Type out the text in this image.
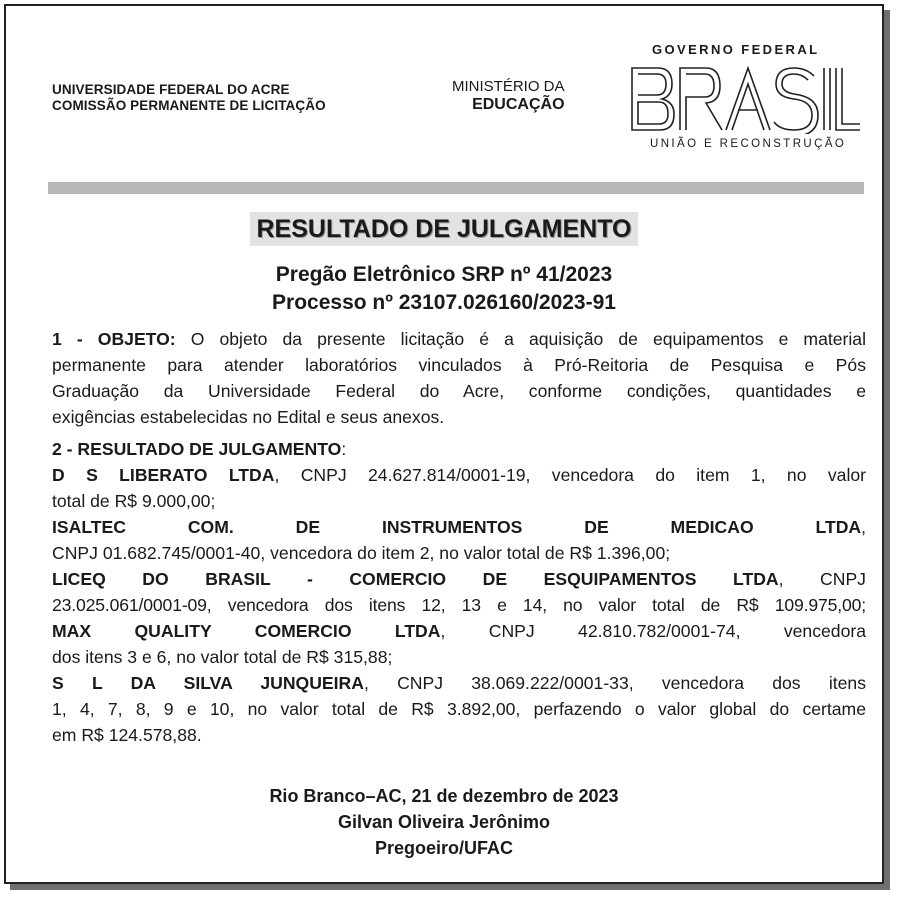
UNIVERSIDADE FEDERAL DO ACRE
COMISSÃO PERMANENTE DE LICITAÇÃO
MINISTÉRIO DA
EDUCAÇÃO
GOVERNO FEDERAL
UNIÃO E RECONSTRUÇÃO
RESULTADO DE JULGAMENTO
Pregão Eletrônico SRP nº 41/2023
Processo nº 23107.026160/2023-91

1 - OBJETO: O objeto da presente licitação é a aquisição de equipamentos e material

permanente para atender laboratórios vinculados à Pró-Reitoria de Pesquisa e Pós

Graduação da Universidade Federal do Acre, conforme condições, quantidades e

exigências estabelecidas no Edital e seus anexos.

2 - RESULTADO DE JULGAMENTO:

D S LIBERATO LTDA, CNPJ 24.627.814/0001-19, vencedora do item 1, no valor

total de R$ 9.000,00;

ISALTEC COM. DE INSTRUMENTOS DE MEDICAO LTDA,

CNPJ 01.682.745/0001-40, vencedora do item 2, no valor total de R$ 1.396,00;

LICEQ DO BRASIL - COMERCIO DE ESQUIPAMENTOS LTDA, CNPJ

23.025.061/0001-09, vencedora dos itens 12, 13 e 14, no valor total de R$ 109.975,00;

MAX QUALITY COMERCIO LTDA, CNPJ 42.810.782/0001-74, vencedora

dos itens 3 e 6, no valor total de R$ 315,88;

S L DA SILVA JUNQUEIRA, CNPJ 38.069.222/0001-33, vencedora dos itens

1, 4, 7, 8, 9 e 10, no valor total de R$ 3.892,00, perfazendo o valor global do certame

em R$ 124.578,88.

Rio Branco–AC, 21 de dezembro de 2023
Gilvan Oliveira Jerônimo
Pregoeiro/UFAC
